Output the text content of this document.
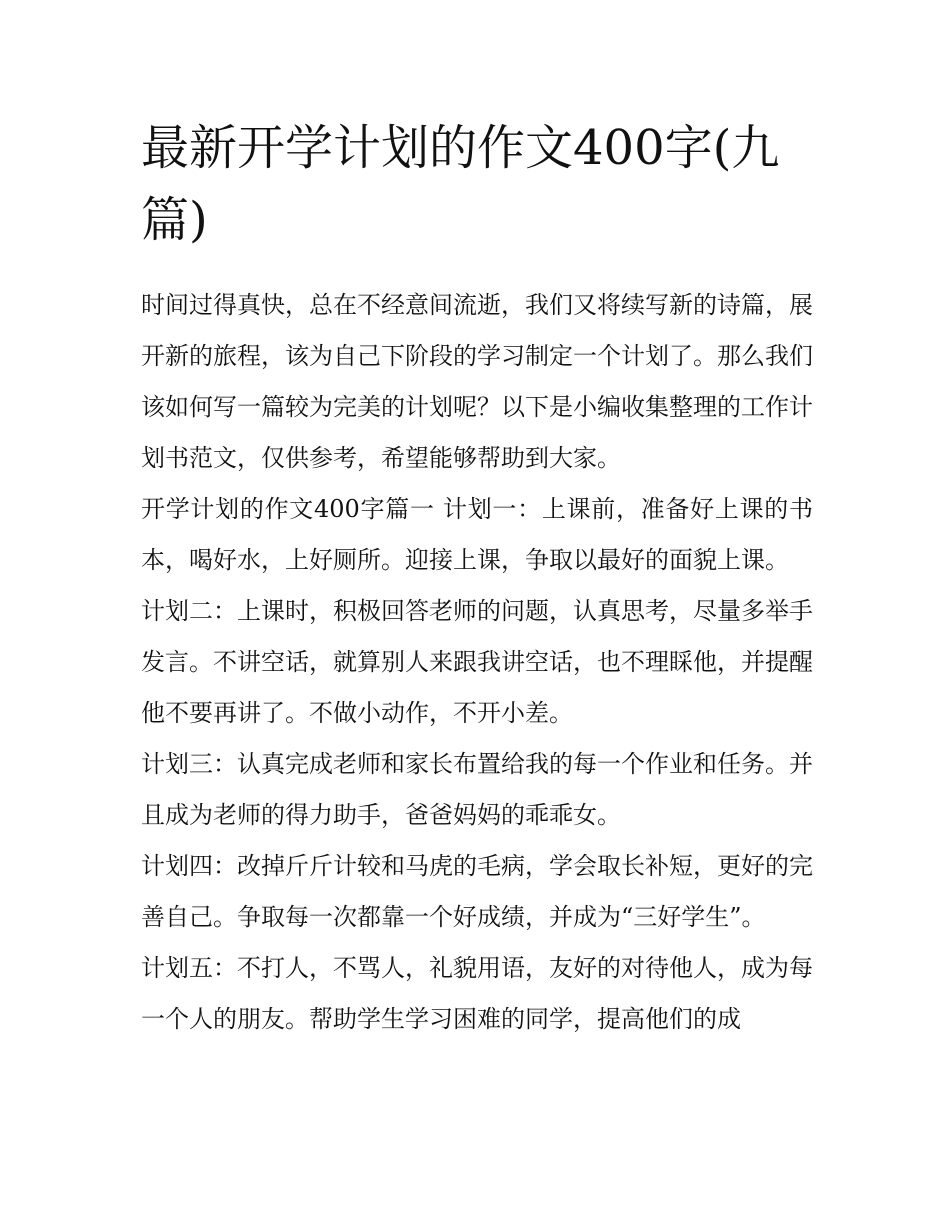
最新开学计划的作文400字(九篇)

时间过得真快，总在不经意间流逝，我们又将续写新的诗篇，展开新的旅程，该为自己下阶段的学习制定一个计划了。那么我们该如何写一篇较为完美的计划呢？以下是小编收集整理的工作计划书范文，仅供参考，希望能够帮助到大家。

开学计划的作文400字篇一 计划一：上课前，准备好上课的书本，喝好水，上好厕所。迎接上课，争取以最好的面貌上课。

计划二：上课时，积极回答老师的问题，认真思考，尽量多举手发言。不讲空话，就算别人来跟我讲空话，也不理睬他，并提醒他不要再讲了。不做小动作，不开小差。

计划三：认真完成老师和家长布置给我的每一个作业和任务。并且成为老师的得力助手，爸爸妈妈的乖乖女。

计划四：改掉斤斤计较和马虎的毛病，学会取长补短，更好的完善自己。争取每一次都靠一个好成绩，并成为“三好学生”。

计划五：不打人，不骂人，礼貌用语，友好的对待他人，成为每一个人的朋友。帮助学生学习困难的同学，提高他们的成
